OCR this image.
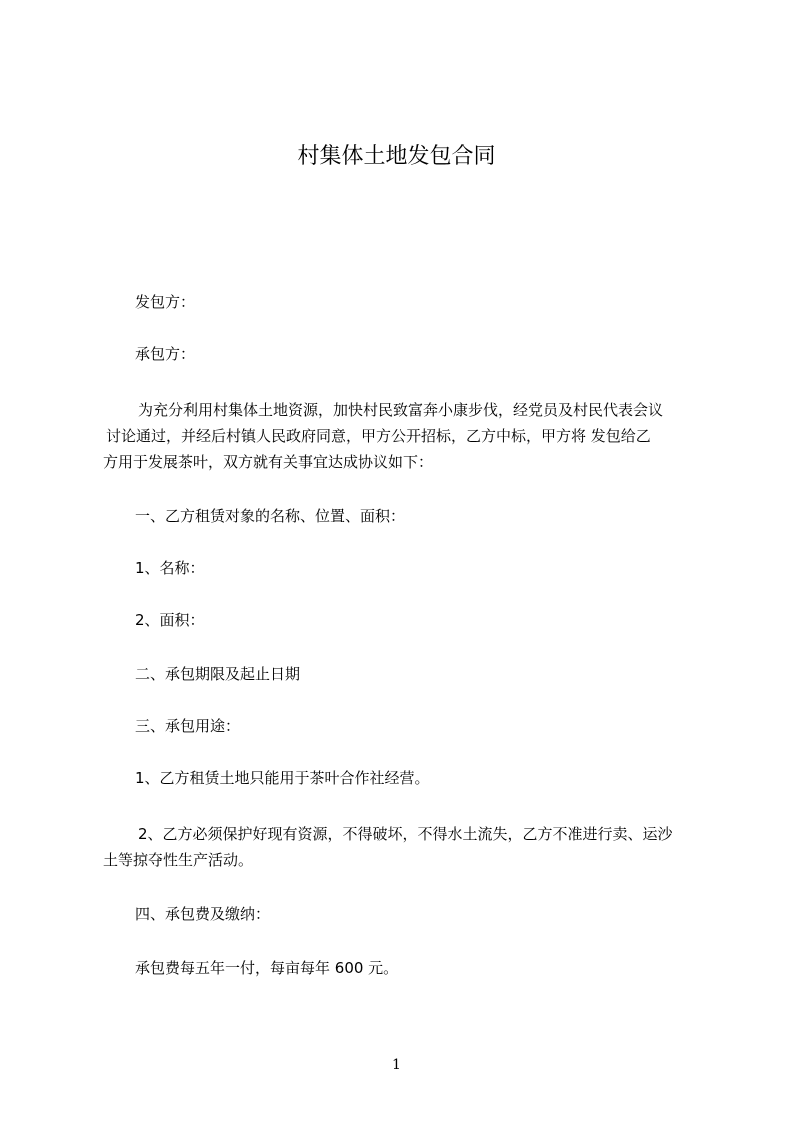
村集体土地发包合同
发包方：
承包方：
为充分利用村集体土地资源，加快村民致富奔小康步伐，经党员及村民代表会议
讨论通过，并经后村镇人民政府同意，甲方公开招标，乙方中标，甲方将 发包给乙
方用于发展茶叶，双方就有关事宜达成协议如下：
一、乙方租赁对象的名称、位置、面积：
1、名称：
2、面积：
二、承包期限及起止日期
三、承包用途：
1、乙方租赁土地只能用于茶叶合作社经营。
2、乙方必须保护好现有资源，不得破坏，不得水土流失，乙方不准进行卖、运沙
土等掠夺性生产活动。
四、承包费及缴纳：
承包费每五年一付，每亩每年 600 元。
1
